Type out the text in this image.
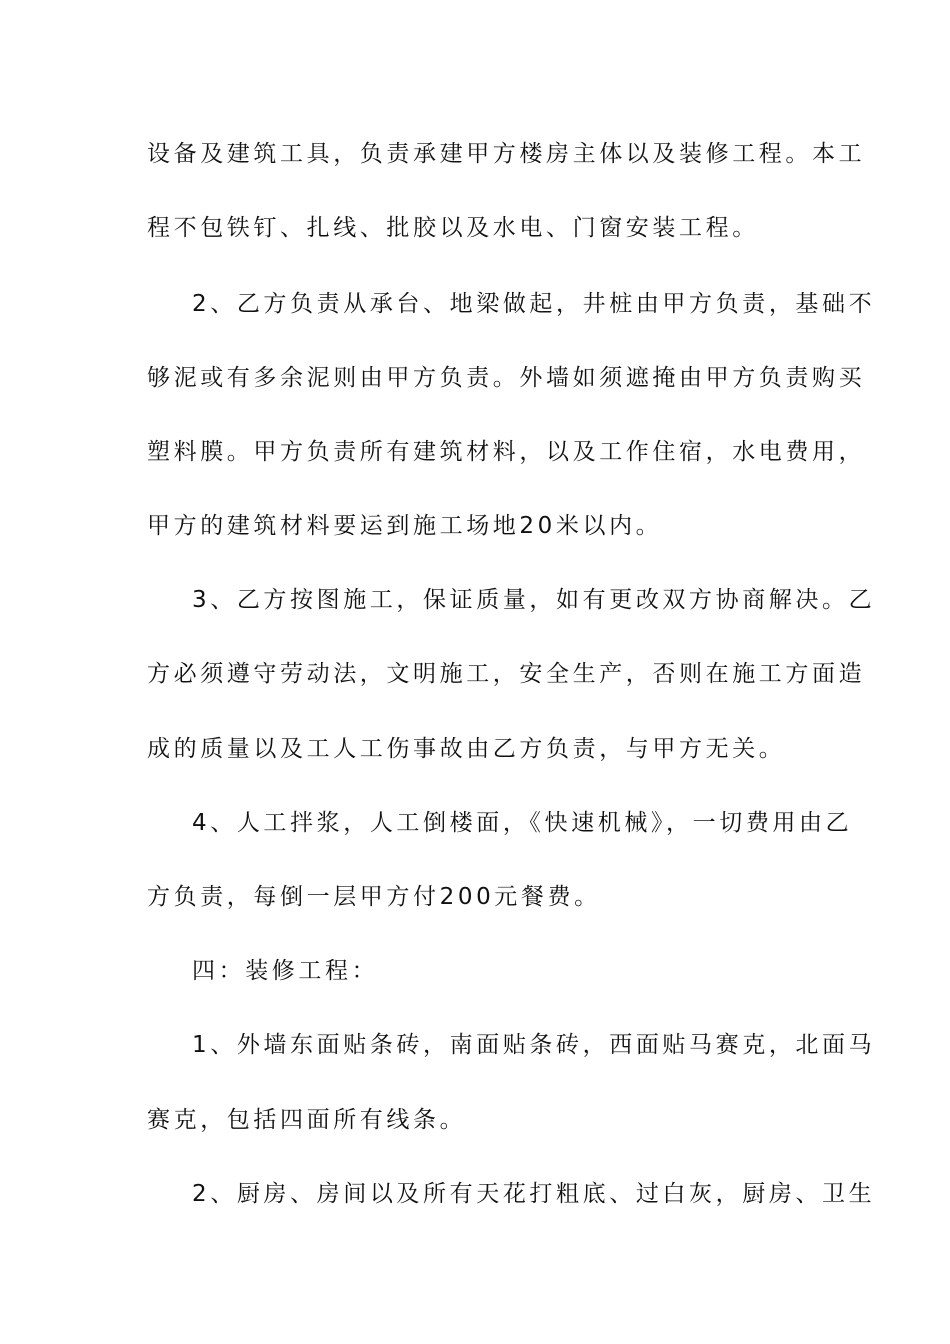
设备及建筑工具，负责承建甲方楼房主体以及装修工程。本工
程不包铁钉、扎线、批胶以及水电、门窗安装工程。
2、乙方负责从承台、地梁做起，井桩由甲方负责，基础不
够泥或有多余泥则由甲方负责。外墙如须遮掩由甲方负责购买
塑料膜。甲方负责所有建筑材料，以及工作住宿，水电费用，
甲方的建筑材料要运到施工场地20米以内。
3、乙方按图施工，保证质量，如有更改双方协商解决。乙
方必须遵守劳动法，文明施工，安全生产，否则在施工方面造
成的质量以及工人工伤事故由乙方负责，与甲方无关。
4、人工拌浆，人工倒楼面，《快速机械》，一切费用由乙
方负责，每倒一层甲方付200元餐费。
四：装修工程：
1、外墙东面贴条砖，南面贴条砖，西面贴马赛克，北面马
赛克，包括四面所有线条。
2、厨房、房间以及所有天花打粗底、过白灰，厨房、卫生
